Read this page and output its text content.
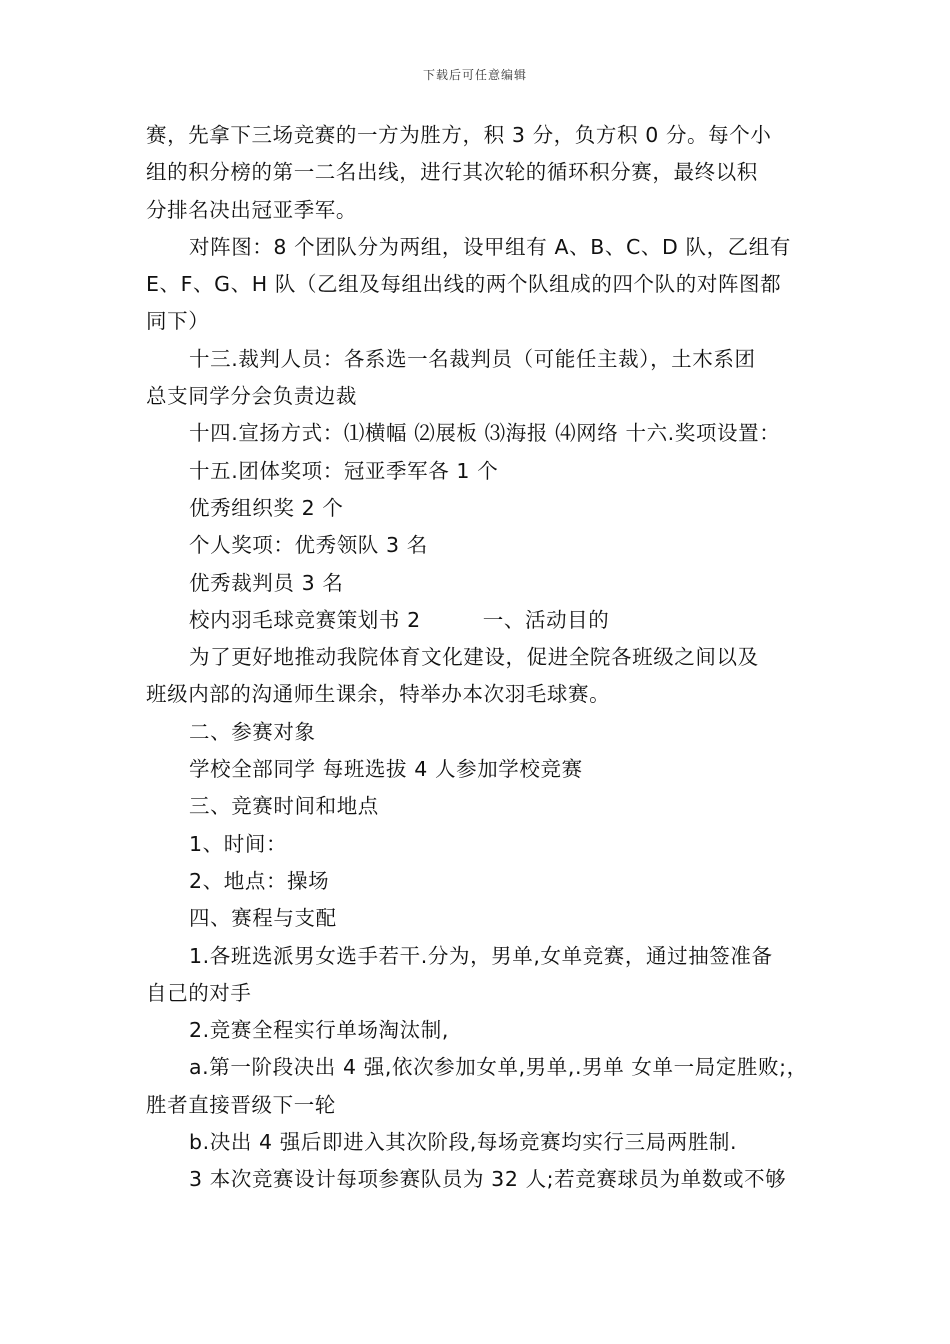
下载后可任意编辑
赛，先拿下三场竞赛的一方为胜方，积 3 分，负方积 0 分。每个小
组的积分榜的第一二名出线，进行其次轮的循环积分赛，最终以积
分排名决出冠亚季军。
对阵图：8 个团队分为两组，设甲组有 A、B、C、D 队，乙组有
E、F、G、H 队（乙组及每组出线的两个队组成的四个队的对阵图都
同下）
十三.裁判人员：各系选一名裁判员（可能任主裁），土木系团
总支同学分会负责边裁
十四.宣扬方式：⑴横幅 ⑵展板 ⑶海报 ⑷网络 十六.奖项设置：
十五.团体奖项：冠亚季军各 1 个
优秀组织奖 2 个
个人奖项：优秀领队 3 名
优秀裁判员 3 名
校内羽毛球竞赛策划书 2	一、活动目的
为了更好地推动我院体育文化建设，促进全院各班级之间以及
班级内部的沟通师生课余，特举办本次羽毛球赛。
二、参赛对象
学校全部同学 每班选拔 4 人参加学校竞赛
三、竞赛时间和地点
1、时间：
2、地点：操场
四、赛程与支配
1.各班选派男女选手若干.分为，男单,女单竞赛，通过抽签准备
自己的对手
2.竞赛全程实行单场淘汰制,
a.第一阶段决出 4 强,依次参加女单,男单,.男单 女单一局定胜败;，
胜者直接晋级下一轮
b.决出 4 强后即进入其次阶段,每场竞赛均实行三局两胜制.
3 本次竞赛设计每项参赛队员为 32 人;若竞赛球员为单数或不够
